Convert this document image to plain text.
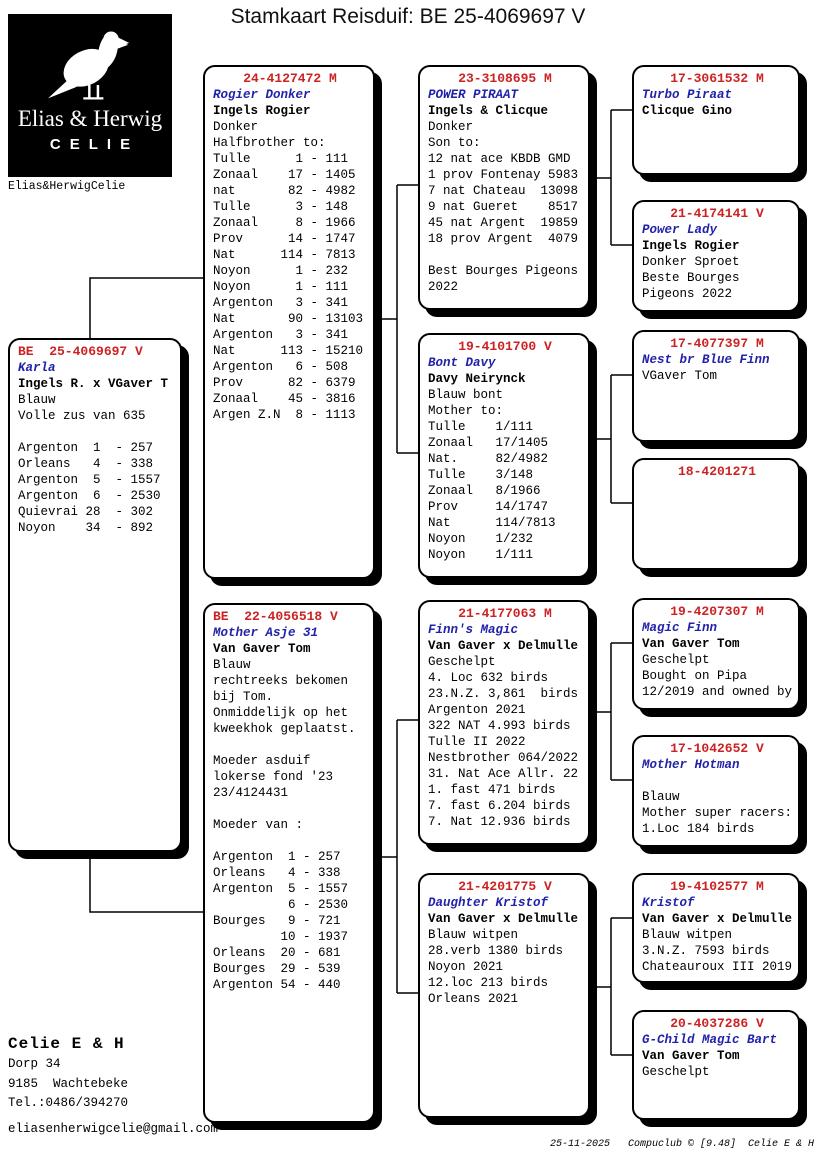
Stamkaart Reisduif: BE 25-4069697 V
Elias & Herwig
CELIE
Elias&HerwigCelie
BE  25-4069697 V
Karla
Ingels R. x VGaver T
Blauw
Volle zus van 635
Argenton  1  - 257
Orleans   4  - 338
Argenton  5  - 1557
Argenton  6  - 2530
Quievrai 28  - 302
Noyon    34  - 892
24-4127472 M
Rogier Donker
Ingels Rogier
Donker
Halfbrother to:
Tulle      1 - 111
Zonaal    17 - 1405
nat       82 - 4982
Tulle      3 - 148
Zonaal     8 - 1966
Prov      14 - 1747
Nat      114 - 7813
Noyon      1 - 232
Noyon      1 - 111
Argenton   3 - 341
Nat       90 - 13103
Argenton   3 - 341
Nat      113 - 15210
Argenton   6 - 508
Prov      82 - 6379
Zonaal    45 - 3816
Argen Z.N  8 - 1113
BE  22-4056518 V
Mother Asje 31
Van Gaver Tom
Blauw
rechtreeks bekomen
bij Tom.
Onmiddelijk op het
kweekhok geplaatst.
Moeder asduif
lokerse fond '23
23/4124431
Moeder van :
Argenton  1 - 257
Orleans   4 - 338
Argenton  5 - 1557
6 - 2530
Bourges   9 - 721
10 - 1937
Orleans  20 - 681
Bourges  29 - 539
Argenton 54 - 440
23-3108695 M
POWER PIRAAT
Ingels & Clicque
Donker
Son to:
12 nat ace KBDB GMD
1 prov Fontenay 5983
7 nat Chateau  13098
9 nat Gueret    8517
45 nat Argent  19859
18 prov Argent  4079
Best Bourges Pigeons
2022
19-4101700 V
Bont Davy
Davy Neirynck
Blauw bont
Mother to:
Tulle    1/111
Zonaal   17/1405
Nat.     82/4982
Tulle    3/148
Zonaal   8/1966
Prov     14/1747
Nat      114/7813
Noyon    1/232
Noyon    1/111
21-4177063 M
Finn's Magic
Van Gaver x Delmulle
Geschelpt
4. Loc 632 birds
23.N.Z. 3,861  birds
Argenton 2021
322 NAT 4.993 birds
Tulle II 2022
Nestbrother 064/2022
31. Nat Ace Allr. 22
1. fast 471 birds
7. fast 6.204 birds
7. Nat 12.936 birds
21-4201775 V
Daughter Kristof
Van Gaver x Delmulle
Blauw witpen
28.verb 1380 birds
Noyon 2021
12.loc 213 birds
Orleans 2021
17-3061532 M
Turbo Piraat
Clicque Gino
21-4174141 V
Power Lady
Ingels Rogier
Donker Sproet
Beste Bourges
Pigeons 2022
17-4077397 M
Nest br Blue Finn
VGaver Tom
18-4201271
19-4207307 M
Magic Finn
Van Gaver Tom
Geschelpt
Bought on Pipa
12/2019 and owned by
17-1042652 V
Mother Hotman
Blauw
Mother super racers:
1.Loc 184 birds
19-4102577 M
Kristof
Van Gaver x Delmulle
Blauw witpen
3.N.Z. 7593 birds
Chateauroux III 2019
20-4037286 V
G-Child Magic Bart
Van Gaver Tom
Geschelpt
Celie E & H
Dorp 34
9185  Wachtebeke
Tel.:0486/394270
eliasenherwigcelie@gmail.com
25-11-2025   Compuclub © [9.48]  Celie E & H
